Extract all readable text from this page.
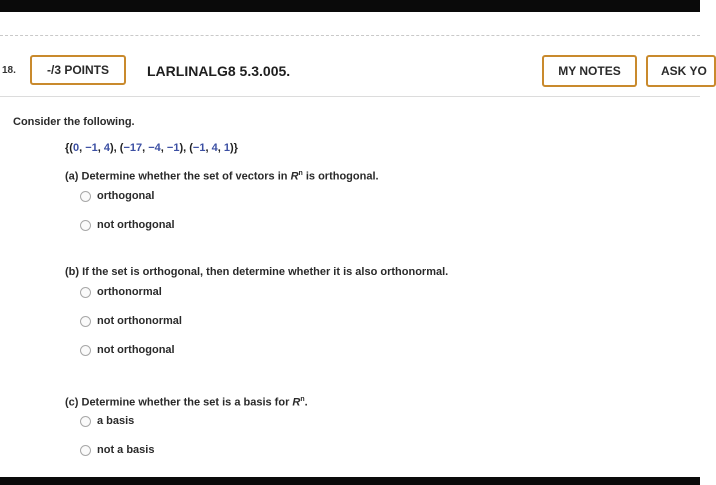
18.	-/3 POINTS	LARLINALG8 5.3.005.	MY NOTES	ASK YO
Consider the following.
{(0, −1, 4), (−17, −4, −1), (−1, 4, 1)}
(a) Determine whether the set of vectors in $R^n$ is orthogonal.
orthogonal
not orthogonal
(b) If the set is orthogonal, then determine whether it is also orthonormal.
orthonormal
not orthonormal
not orthogonal
(c) Determine whether the set is a basis for $R^n$.
a basis
not a basis
